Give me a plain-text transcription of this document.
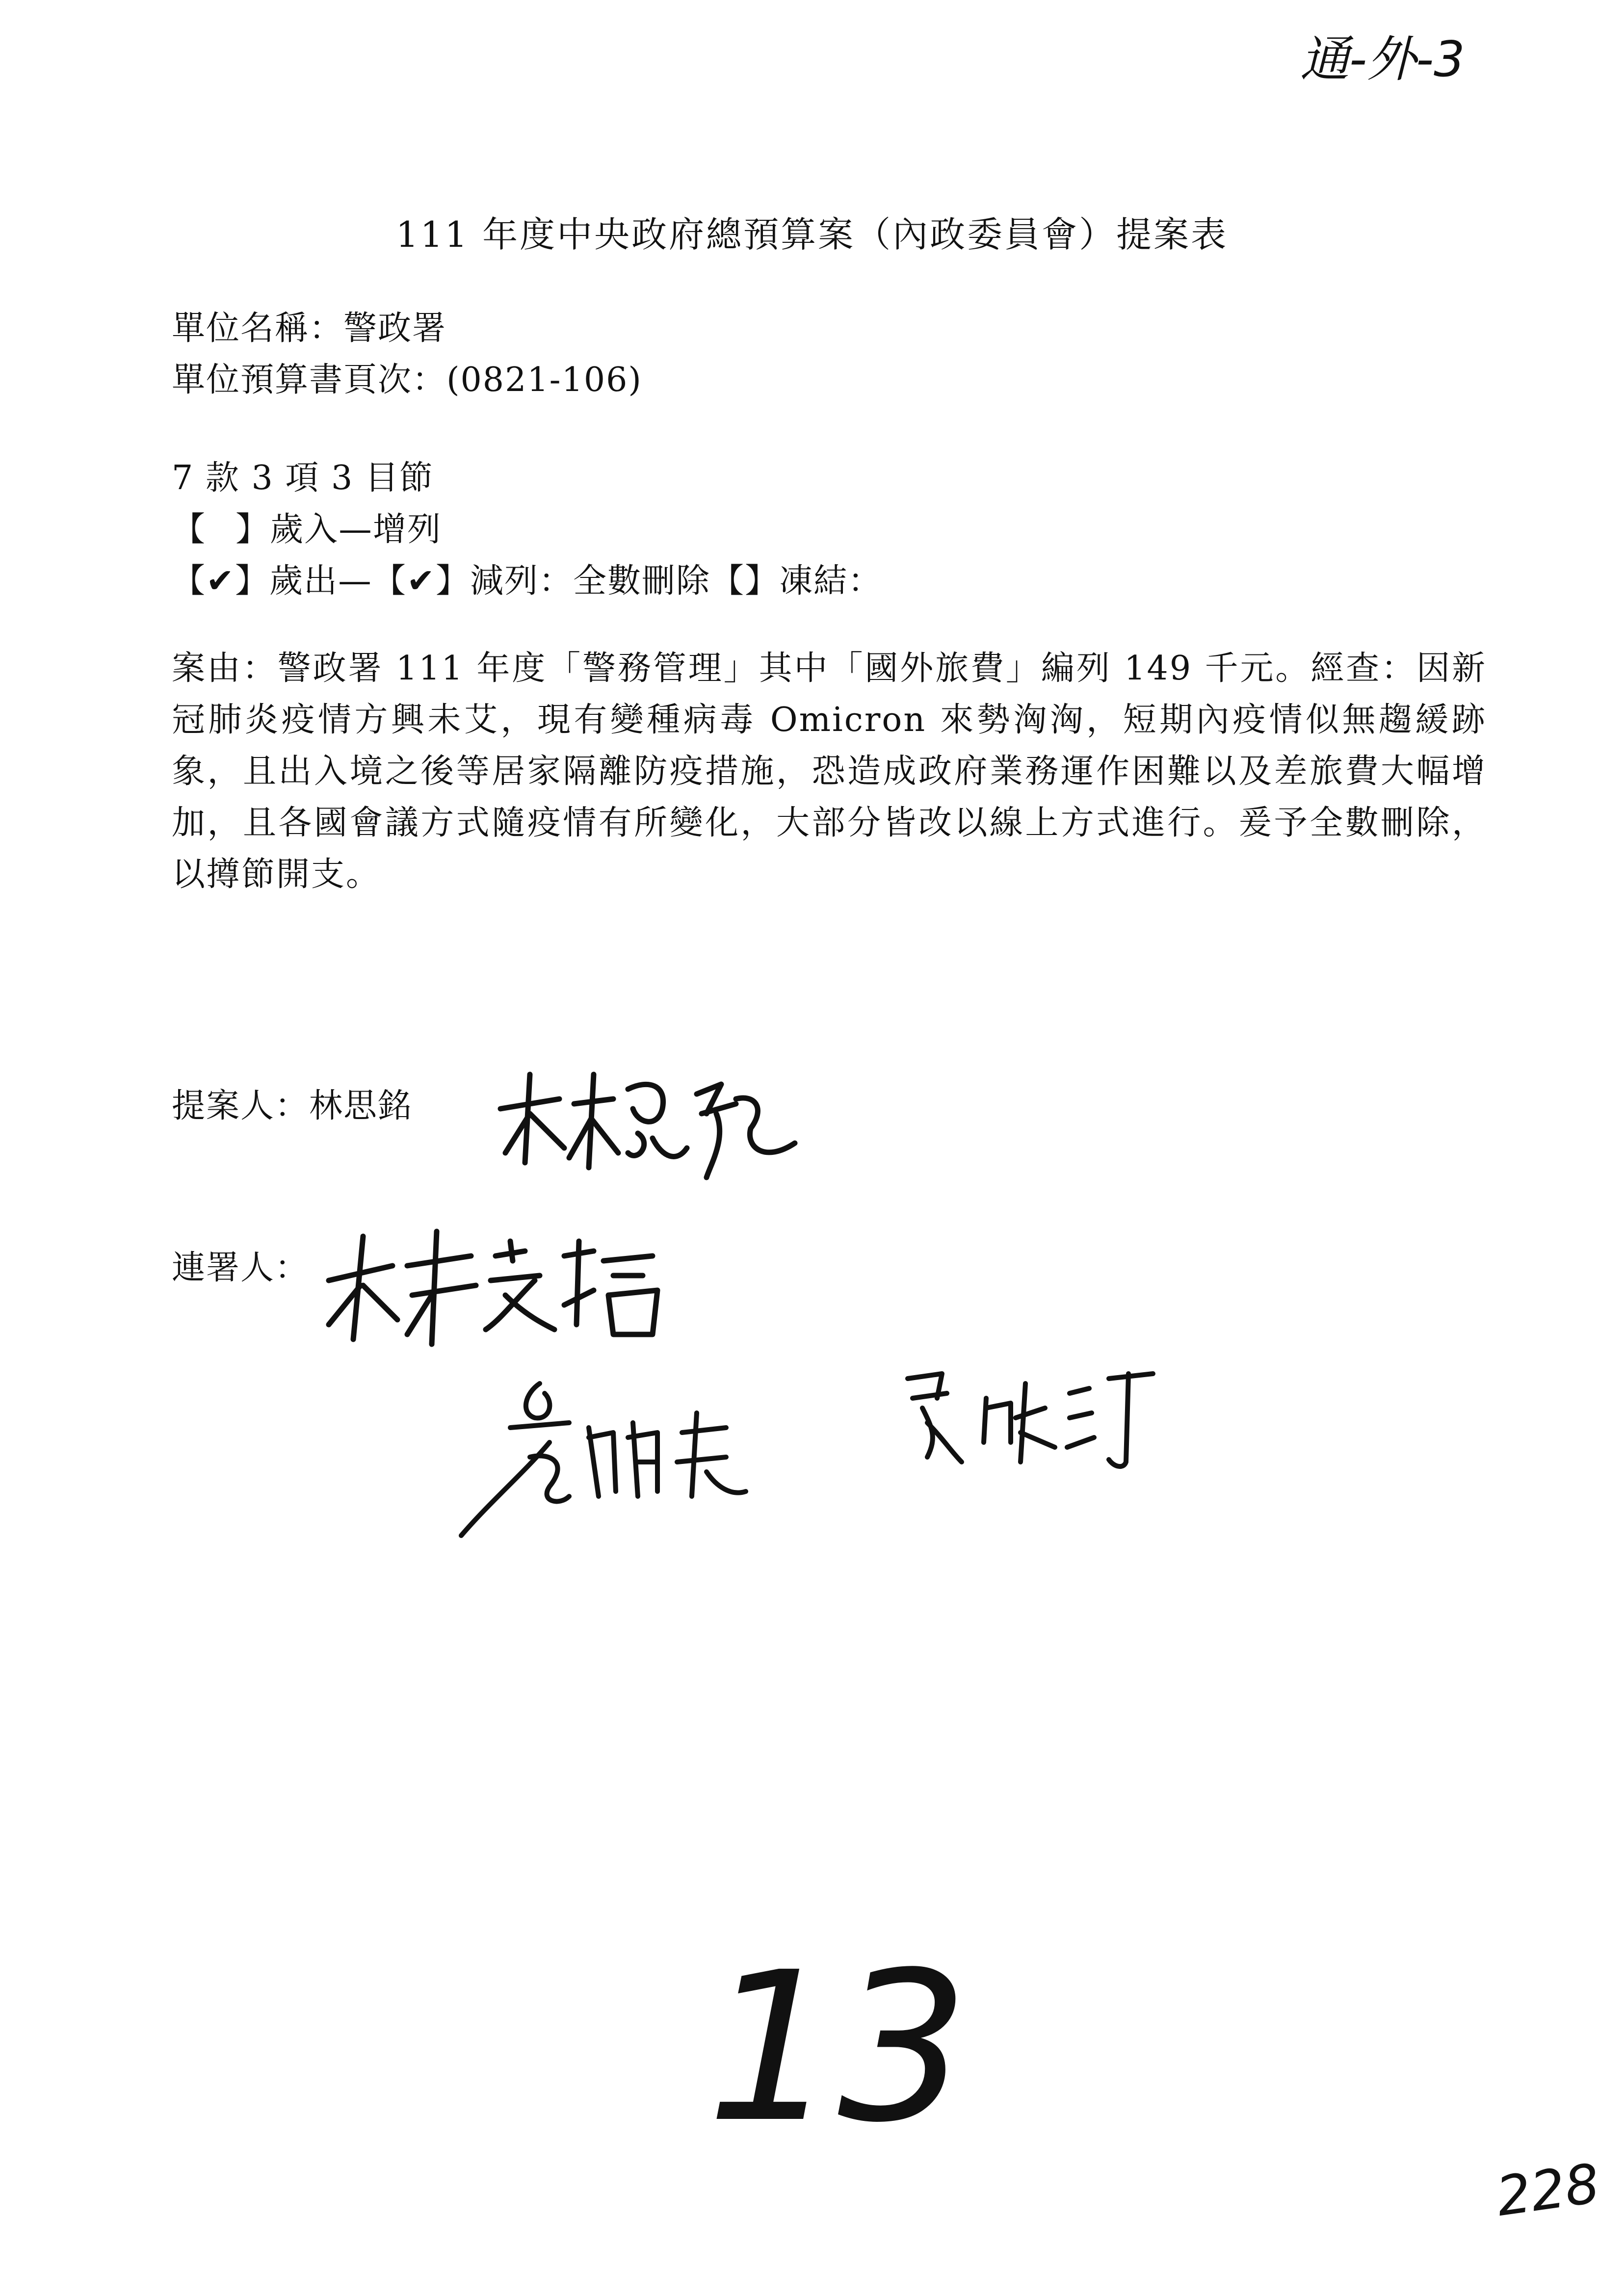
通-外-3
111 年度中央政府總預算案（內政委員會）提案表
單位名稱：警政署
單位預算書頁次：(0821-106)
7 款 3 項 3 目節
【 】歲入—增列
【✔】歲出—【✔】減列：全數刪除【】凍結：
案由：警政署 111 年度「警務管理」其中「國外旅費」編列 149 千元。經查：因新冠肺炎疫情方興未艾，現有變種病毒 Omicron 來勢洶洶，短期內疫情似無趨緩跡象，且出入境之後等居家隔離防疫措施，恐造成政府業務運作困難以及差旅費大幅增加，且各國會議方式隨疫情有所變化，大部分皆改以線上方式進行。爰予全數刪除，以撙節開支。
提案人：林思銘
連署人：
13
228
